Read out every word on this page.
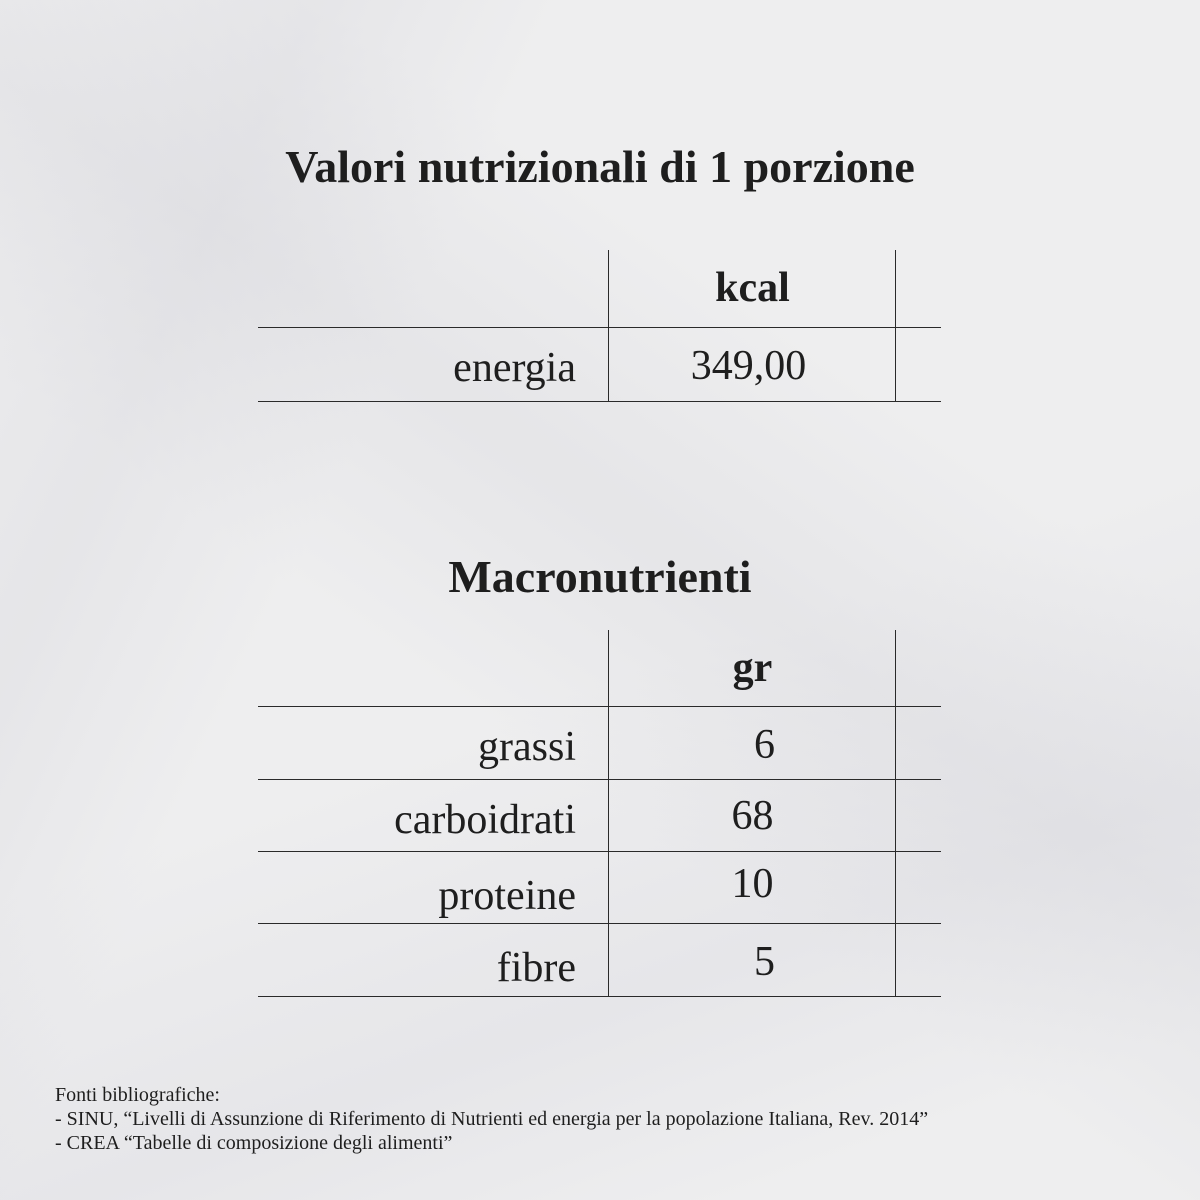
Valori nutrizionali di 1 porzione
kcal
energia	349,00
Macronutrienti
gr
grassi	6
carboidrati	68
proteine	10
fibre	5
Fonti bibliografiche:
- SINU, “Livelli di Assunzione di Riferimento di Nutrienti ed energia per la popolazione Italiana, Rev. 2014”
- CREA “Tabelle di composizione degli alimenti”
